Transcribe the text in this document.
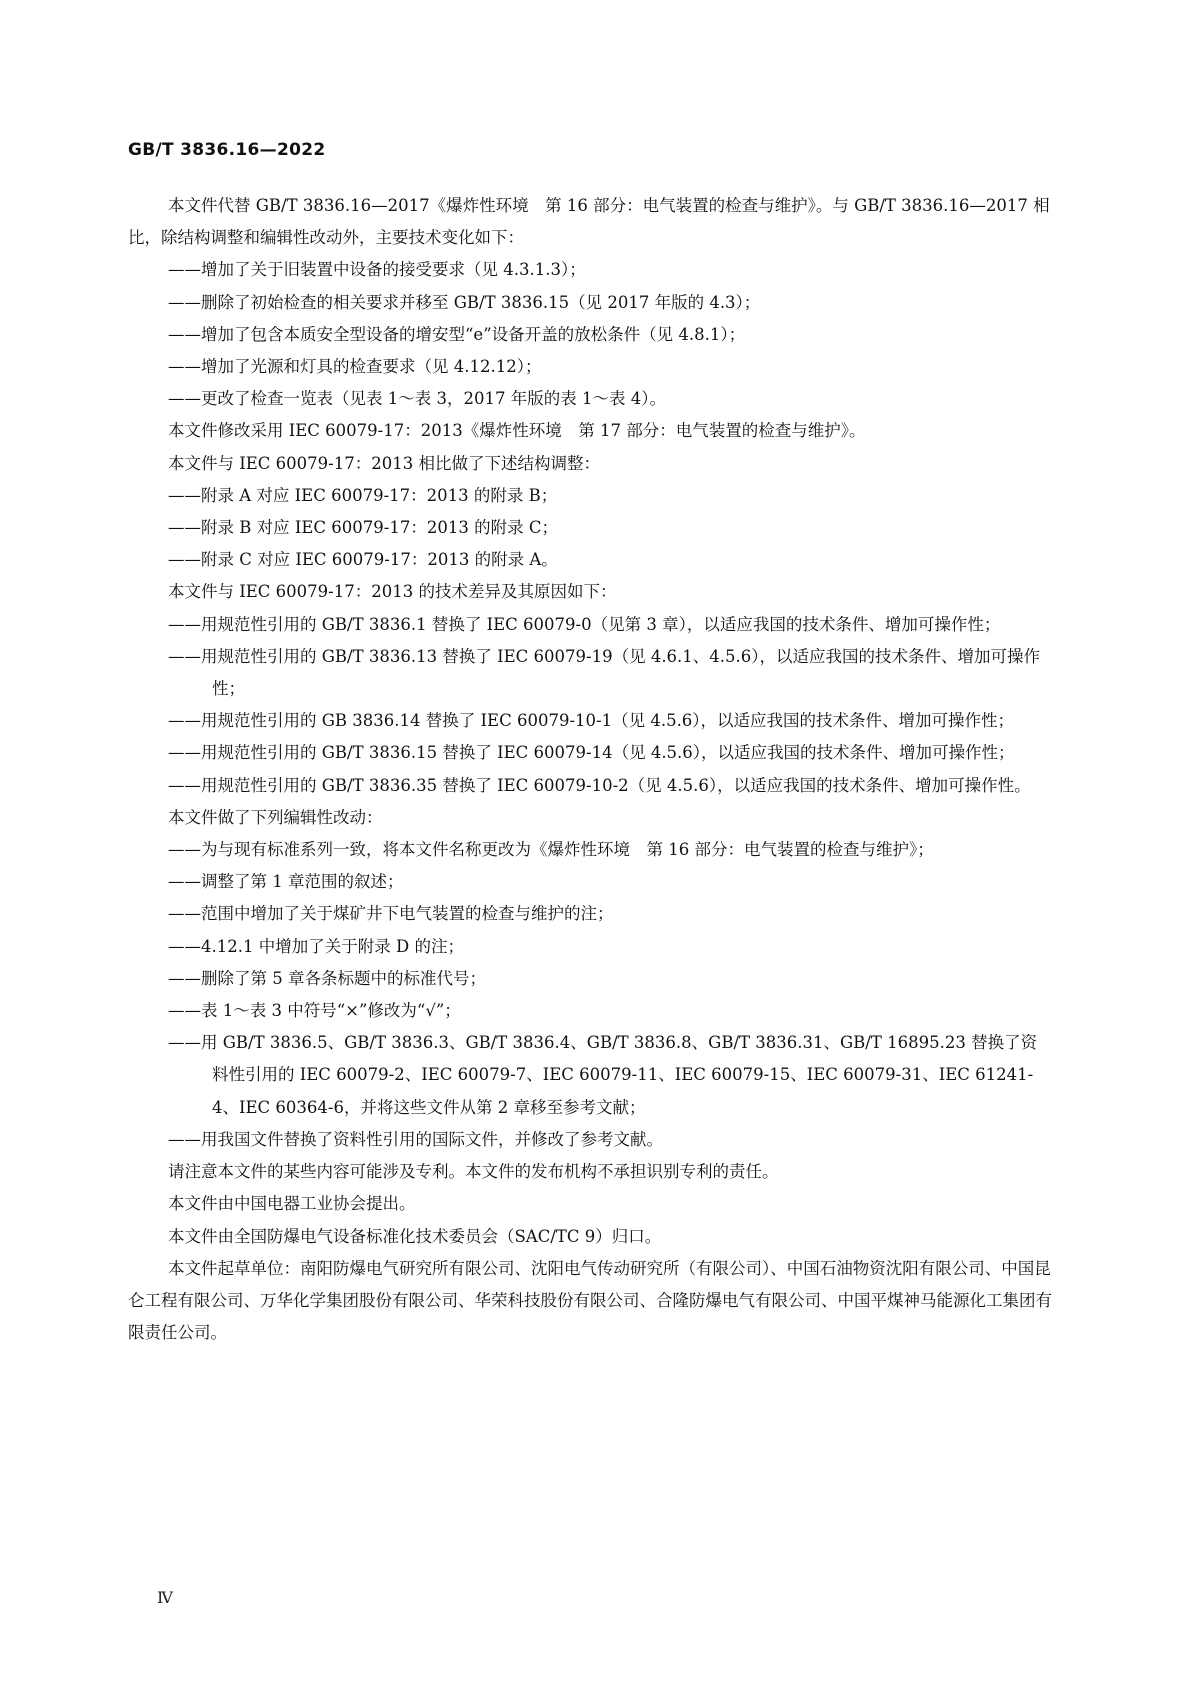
GB/T 3836.16—2022

本文件代替 GB/T 3836.16—2017《爆炸性环境　第 16 部分：电气装置的检查与维护》。与 GB/T 3836.16—2017 相比，除结构调整和编辑性改动外，主要技术变化如下：

——增加了关于旧装置中设备的接受要求（见 4.3.1.3）；

——删除了初始检查的相关要求并移至 GB/T 3836.15（见 2017 年版的 4.3）；

——增加了包含本质安全型设备的增安型“e”设备开盖的放松条件（见 4.8.1）；

——增加了光源和灯具的检查要求（见 4.12.12）；

——更改了检查一览表（见表 1～表 3，2017 年版的表 1～表 4）。

本文件修改采用 IEC 60079-17：2013《爆炸性环境　第 17 部分：电气装置的检查与维护》。

本文件与 IEC 60079-17：2013 相比做了下述结构调整：

——附录 A 对应 IEC 60079-17：2013 的附录 B；

——附录 B 对应 IEC 60079-17：2013 的附录 C；

——附录 C 对应 IEC 60079-17：2013 的附录 A。

本文件与 IEC 60079-17：2013 的技术差异及其原因如下：

——用规范性引用的 GB/T 3836.1 替换了 IEC 60079-0（见第 3 章），以适应我国的技术条件、增加可操作性；

——用规范性引用的 GB/T 3836.13 替换了 IEC 60079-19（见 4.6.1、4.5.6），以适应我国的技术条件、增加可操作性；

——用规范性引用的 GB 3836.14 替换了 IEC 60079-10-1（见 4.5.6），以适应我国的技术条件、增加可操作性；

——用规范性引用的 GB/T 3836.15 替换了 IEC 60079-14（见 4.5.6），以适应我国的技术条件、增加可操作性；

——用规范性引用的 GB/T 3836.35 替换了 IEC 60079-10-2（见 4.5.6），以适应我国的技术条件、增加可操作性。

本文件做了下列编辑性改动：

——为与现有标准系列一致，将本文件名称更改为《爆炸性环境　第 16 部分：电气装置的检查与维护》；

——调整了第 1 章范围的叙述；

——范围中增加了关于煤矿井下电气装置的检查与维护的注；

——4.12.1 中增加了关于附录 D 的注；

——删除了第 5 章各条标题中的标准代号；

——表 1～表 3 中符号“×”修改为“√”；

——用 GB/T 3836.5、GB/T 3836.3、GB/T 3836.4、GB/T 3836.8、GB/T 3836.31、GB/T 16895.23 替换了资料性引用的 IEC 60079-2、IEC 60079-7、IEC 60079-11、IEC 60079-15、IEC 60079-31、IEC 61241-4、IEC 60364-6，并将这些文件从第 2 章移至参考文献；

——用我国文件替换了资料性引用的国际文件，并修改了参考文献。

请注意本文件的某些内容可能涉及专利。本文件的发布机构不承担识别专利的责任。

本文件由中国电器工业协会提出。

本文件由全国防爆电气设备标准化技术委员会（SAC/TC 9）归口。

本文件起草单位：南阳防爆电气研究所有限公司、沈阳电气传动研究所（有限公司）、中国石油物资沈阳有限公司、中国昆仑工程有限公司、万华化学集团股份有限公司、华荣科技股份有限公司、合隆防爆电气有限公司、中国平煤神马能源化工集团有限责任公司。

Ⅳ
